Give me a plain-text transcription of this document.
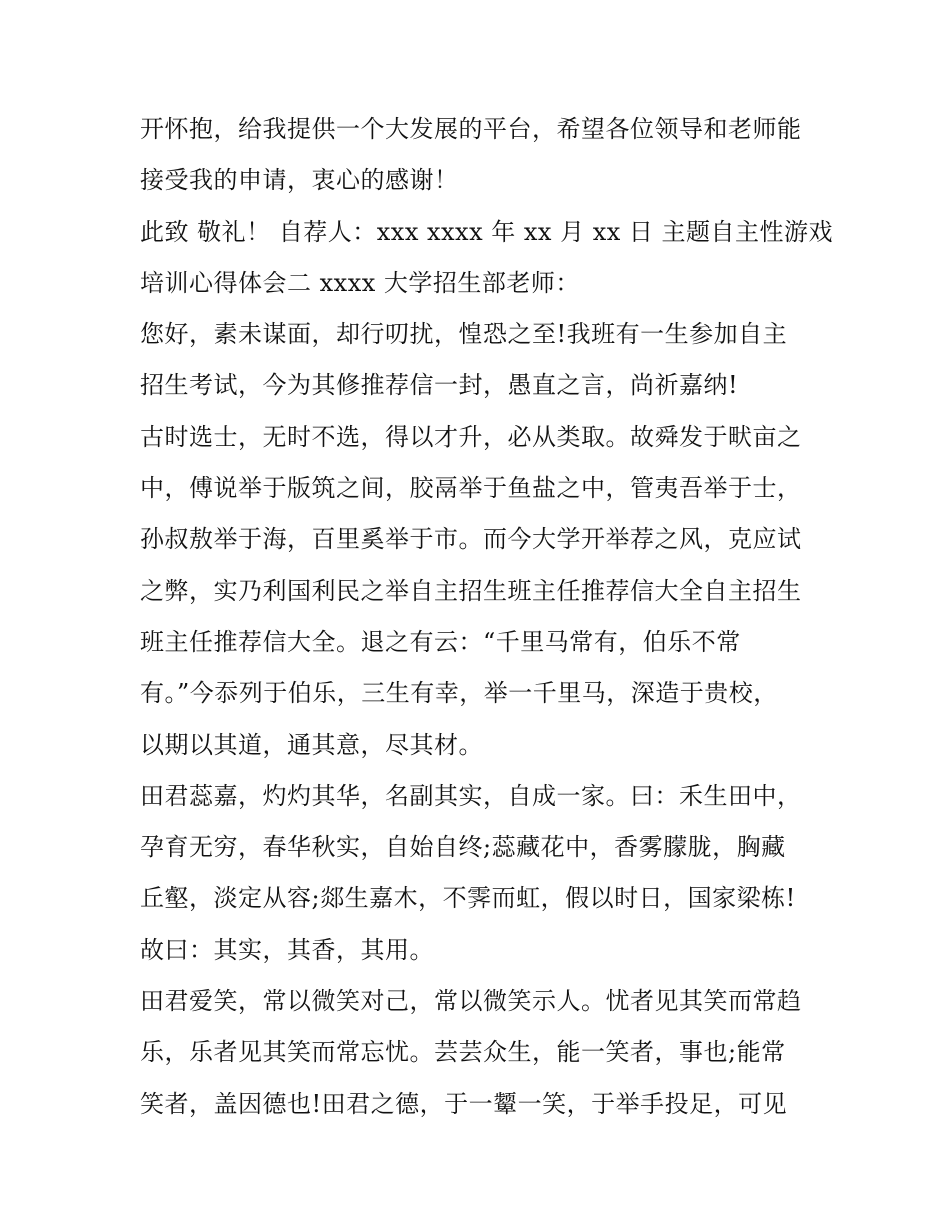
开怀抱，给我提供一个大发展的平台，希望各位领导和老师能
接受我的申请，衷心的感谢！
此致 敬礼！ 自荐人：xxx xxxx 年 xx 月 xx 日 主题自主性游戏
培训心得体会二 xxxx 大学招生部老师：
您好，素未谋面，却行叨扰，惶恐之至!我班有一生参加自主
招生考试，今为其修推荐信一封，愚直之言，尚祈嘉纳!
古时选士，无时不选，得以才升，必从类取。故舜发于畎亩之
中，傅说举于版筑之间，胶鬲举于鱼盐之中，管夷吾举于士，
孙叔敖举于海，百里奚举于市。而今大学开举荐之风，克应试
之弊，实乃利国利民之举自主招生班主任推荐信大全自主招生
班主任推荐信大全。退之有云：“千里马常有，伯乐不常
有。”今忝列于伯乐，三生有幸，举一千里马，深造于贵校，
以期以其道，通其意，尽其材。
田君蕊嘉，灼灼其华，名副其实，自成一家。曰：禾生田中，
孕育无穷，春华秋实，自始自终;蕊藏花中，香雾朦胧，胸藏
丘壑，淡定从容;郯生嘉木，不霁而虹，假以时日，国家梁栋!
故曰：其实，其香，其用。
田君爱笑，常以微笑对己，常以微笑示人。忧者见其笑而常趋
乐，乐者见其笑而常忘忧。芸芸众生，能一笑者，事也;能常
笑者，盖因德也!田君之德，于一颦一笑，于举手投足，可见
